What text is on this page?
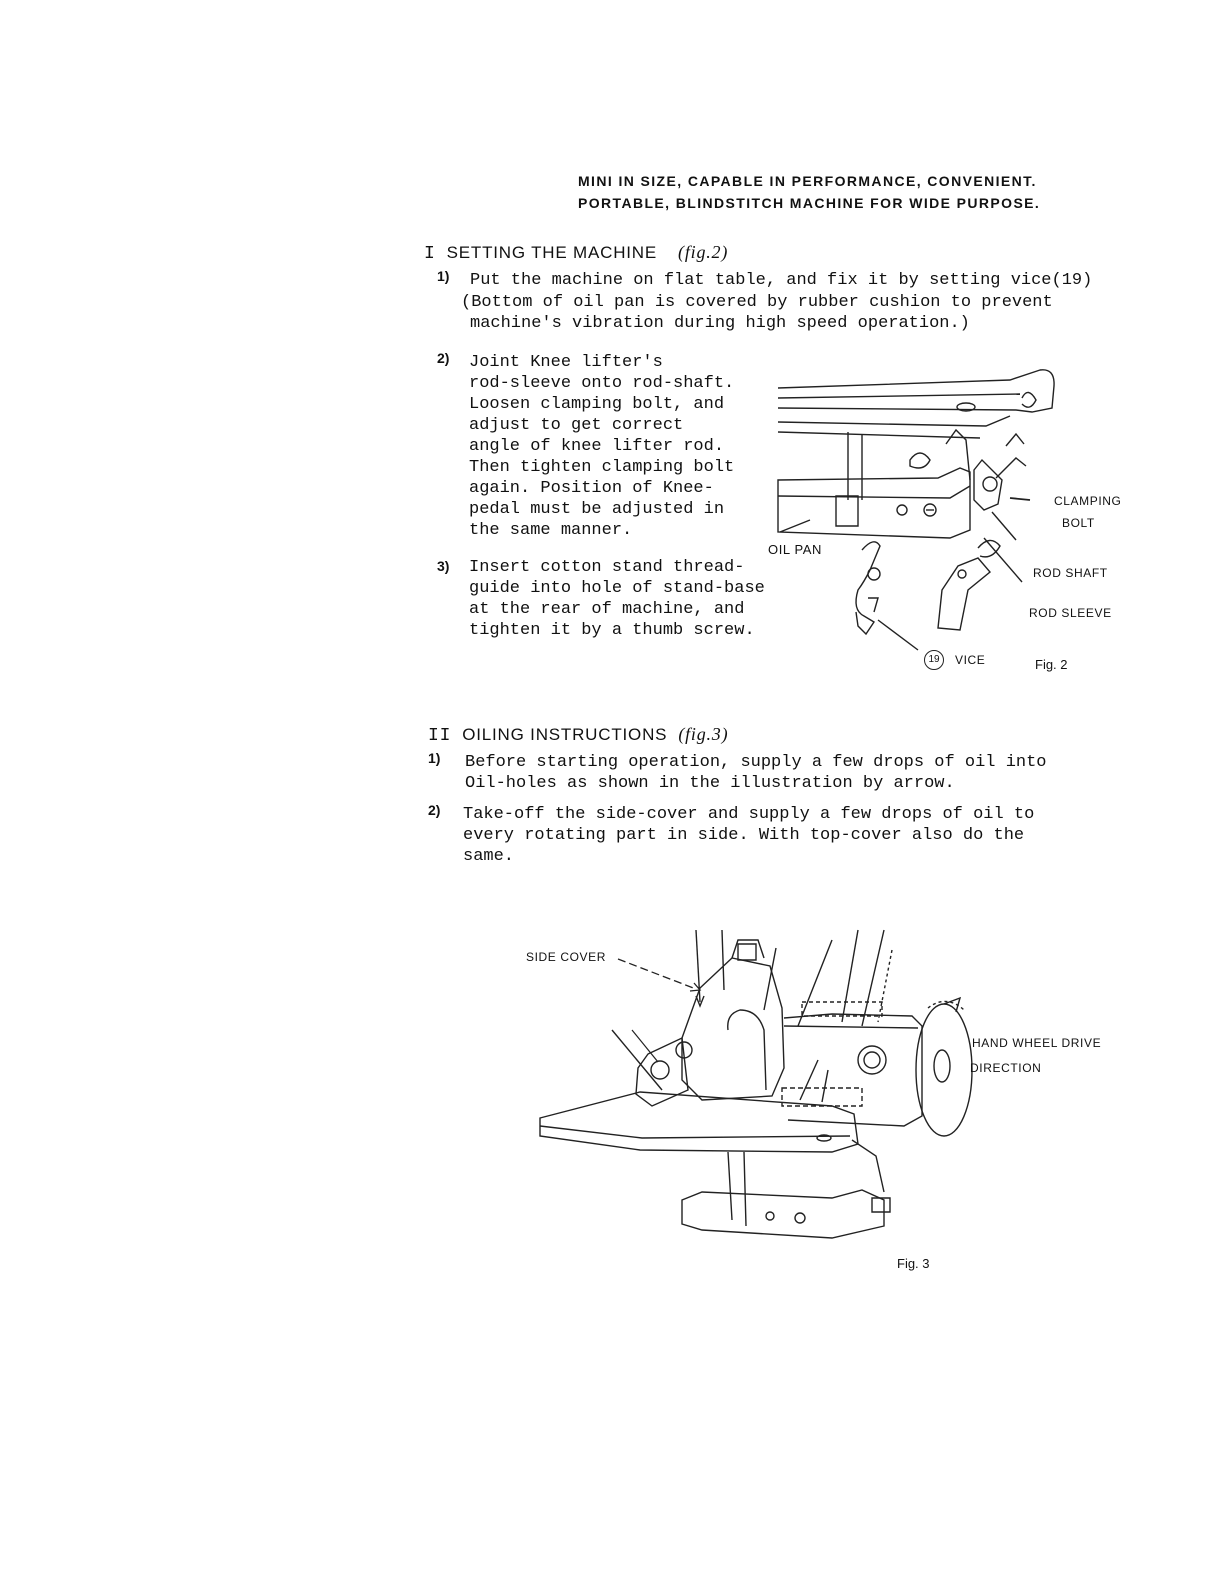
MINI IN SIZE, CAPABLE IN PERFORMANCE, CONVENIENT.
PORTABLE, BLINDSTITCH MACHINE FOR WIDE PURPOSE.
I SETTING THE MACHINE (fig.2)
1) Put the machine on flat table, and fix it by setting vice(19)
(Bottom of oil pan is covered by rubber cushion to prevent
machine's vibration during high speed operation.)
2) Joint Knee lifter's
rod-sleeve onto rod-shaft.
Loosen clamping bolt, and
adjust to get correct
angle of knee lifter rod.
Then tighten clamping bolt
again. Position of Knee-
pedal must be adjusted in
the same manner.
3) Insert cotton stand thread-
guide into hole of stand-base
at the rear of machine, and
tighten it by a thumb screw.
OIL PAN
CLAMPING
BOLT
ROD SHAFT
ROD SLEEVE
19	VICE	Fig. 2
II OILING INSTRUCTIONS (fig.3)
1) Before starting operation, supply a few drops of oil into
Oil-holes as shown in the illustration by arrow.
2) Take-off the side-cover and supply a few drops of oil to
every rotating part in side. With top-cover also do the
same.
SIDE COVER
HAND WHEEL DRIVE
DIRECTION
Fig. 3
